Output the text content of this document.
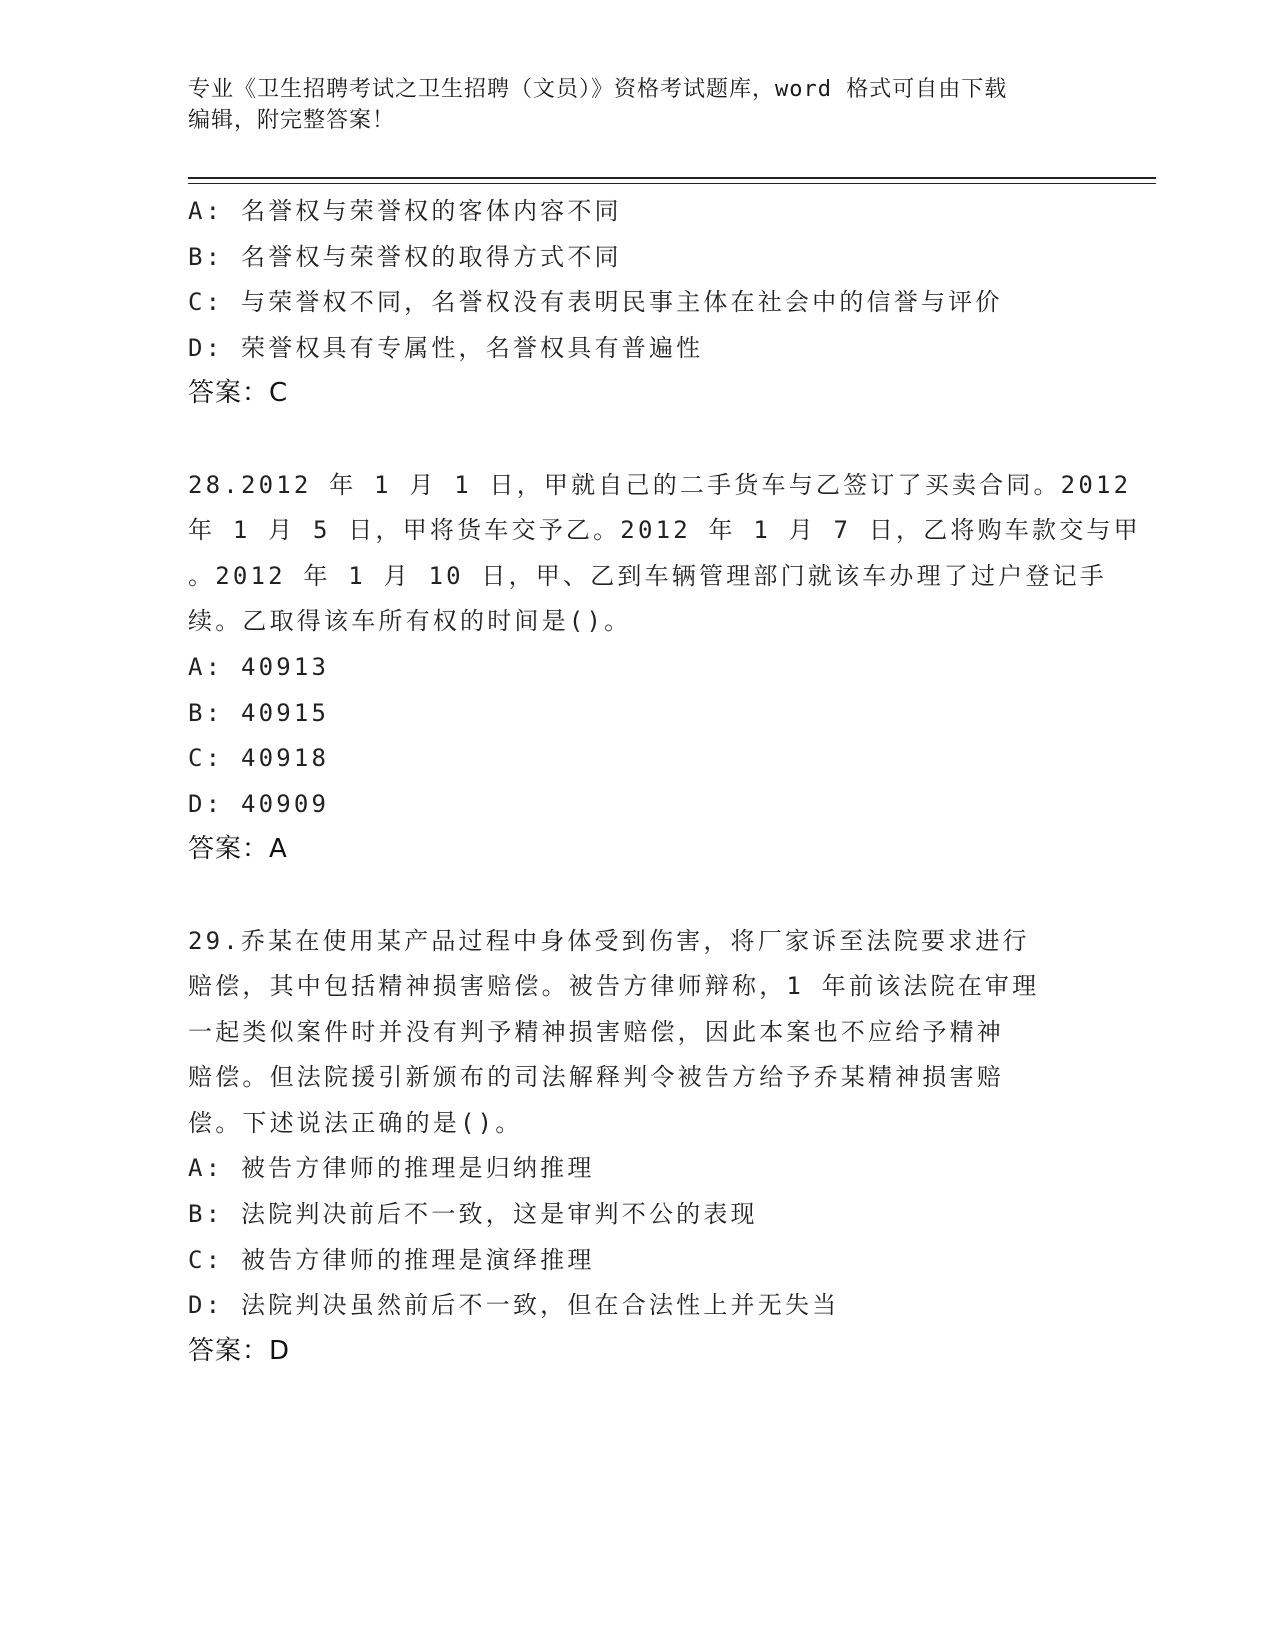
专业《卫生招聘考试之卫生招聘（文员）》资格考试题库，word 格式可自由下载
编辑，附完整答案！
A: 名誉权与荣誉权的客体内容不同
B: 名誉权与荣誉权的取得方式不同
C: 与荣誉权不同，名誉权没有表明民事主体在社会中的信誉与评价
D: 荣誉权具有专属性，名誉权具有普遍性
答案：C
28.2012 年 1 月 1 日，甲就自己的二手货车与乙签订了买卖合同。2012
年 1 月 5 日，甲将货车交予乙。2012 年 1 月 7 日，乙将购车款交与甲
。2012 年 1 月 10 日，甲、乙到车辆管理部门就该车办理了过户登记手
续。乙取得该车所有权的时间是()。
A: 40913
B: 40915
C: 40918
D: 40909
答案：A
29.乔某在使用某产品过程中身体受到伤害，将厂家诉至法院要求进行
赔偿，其中包括精神损害赔偿。被告方律师辩称，1 年前该法院在审理
一起类似案件时并没有判予精神损害赔偿，因此本案也不应给予精神
赔偿。但法院援引新颁布的司法解释判令被告方给予乔某精神损害赔
偿。下述说法正确的是()。
A: 被告方律师的推理是归纳推理
B: 法院判决前后不一致，这是审判不公的表现
C: 被告方律师的推理是演绎推理
D: 法院判决虽然前后不一致，但在合法性上并无失当
答案：D
